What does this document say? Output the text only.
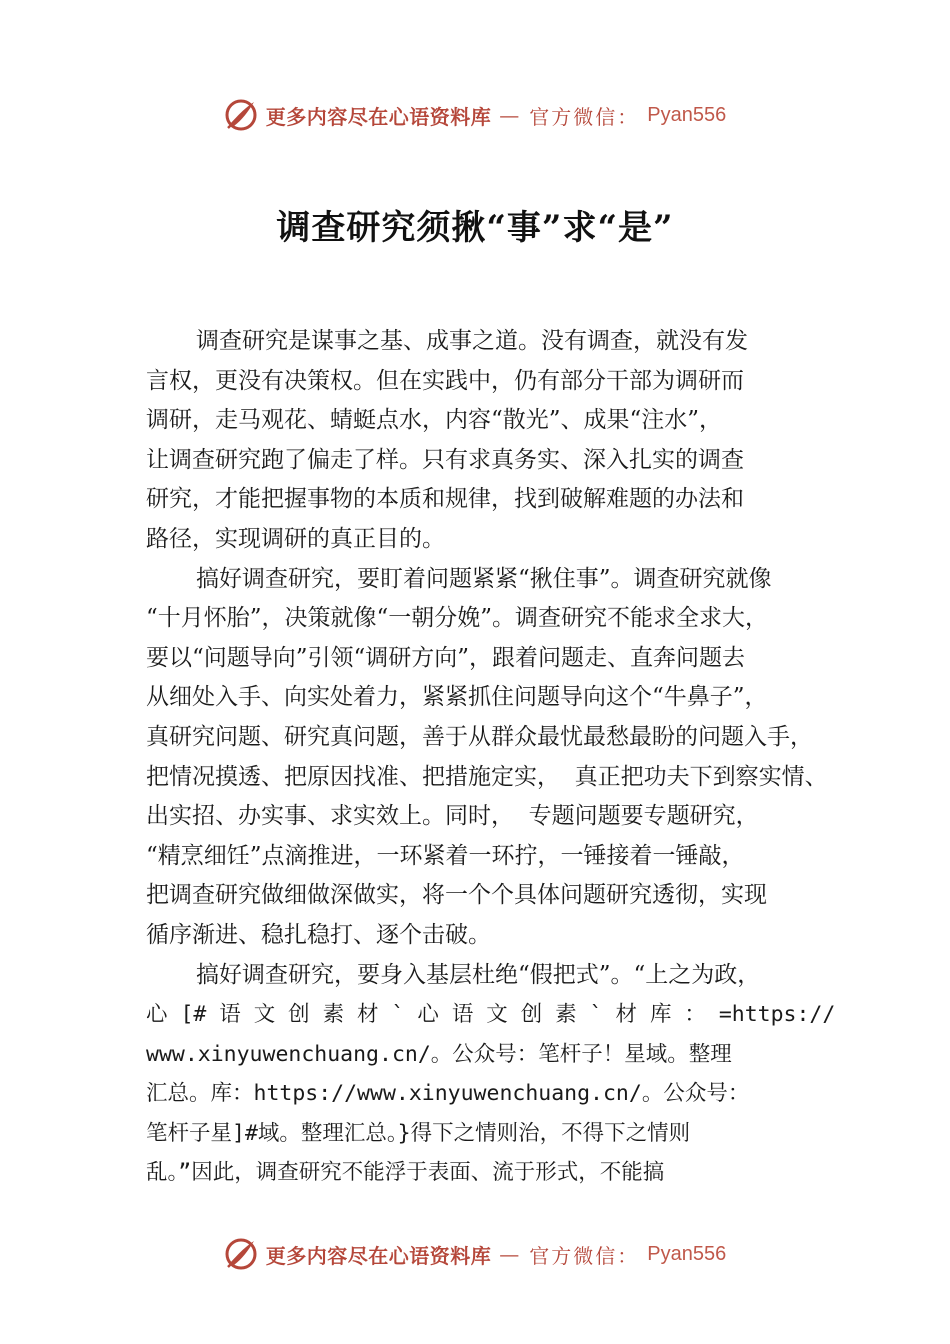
更多内容尽在心语资料库 — 官方微信： Pyan556
调查研究须揪“事”求“是”
调查研究是谋事之基、成事之道。没有调查，就没有发
言权，更没有决策权。但在实践中，仍有部分干部为调研而
调研，走马观花、蜻蜓点水，内容“散光”、成果“注水”，
让调查研究跑了偏走了样。只有求真务实、深入扎实的调查
研究，才能把握事物的本质和规律，找到破解难题的办法和
路径，实现调研的真正目的。
搞好调查研究，要盯着问题紧紧“揪住事”。调查研究就像
“十月怀胎”，决策就像“一朝分娩”。调查研究不能求全求大，
要以“问题导向”引领“调研方向”，跟着问题走、直奔问题去
从细处入手、向实处着力，紧紧抓住问题导向这个“牛鼻子”，
真研究问题、研究真问题，善于从群众最忧最愁最盼的问题入手，
把情况摸透、把原因找准、把措施定实，  真正把功夫下到察实情、
出实招、办实事、求实效上。同时，  专题问题要专题研究，
“精烹细饪”点滴推进，一环紧着一环拧，一锤接着一锤敲，
把调查研究做细做深做实，将一个个具体问题研究透彻，实现
循序渐进、稳扎稳打、逐个击破。
搞好调查研究，要身入基层杜绝“假把式”。“上之为政，
心 [# 语 文 创 素 材 ` 心 语 文 创 素 ` 材 库 ： =https://
www.xinyuwenchuang.cn/。公众号：笔杆子！星域。整理
汇总。库：https://www.xinyuwenchuang.cn/。公众号：
笔杆子星]#域。整理汇总。}得下之情则治，不得下之情则
乱。”因此，调查研究不能浮于表面、流于形式，不能搞
更多内容尽在心语资料库 — 官方微信： Pyan556
